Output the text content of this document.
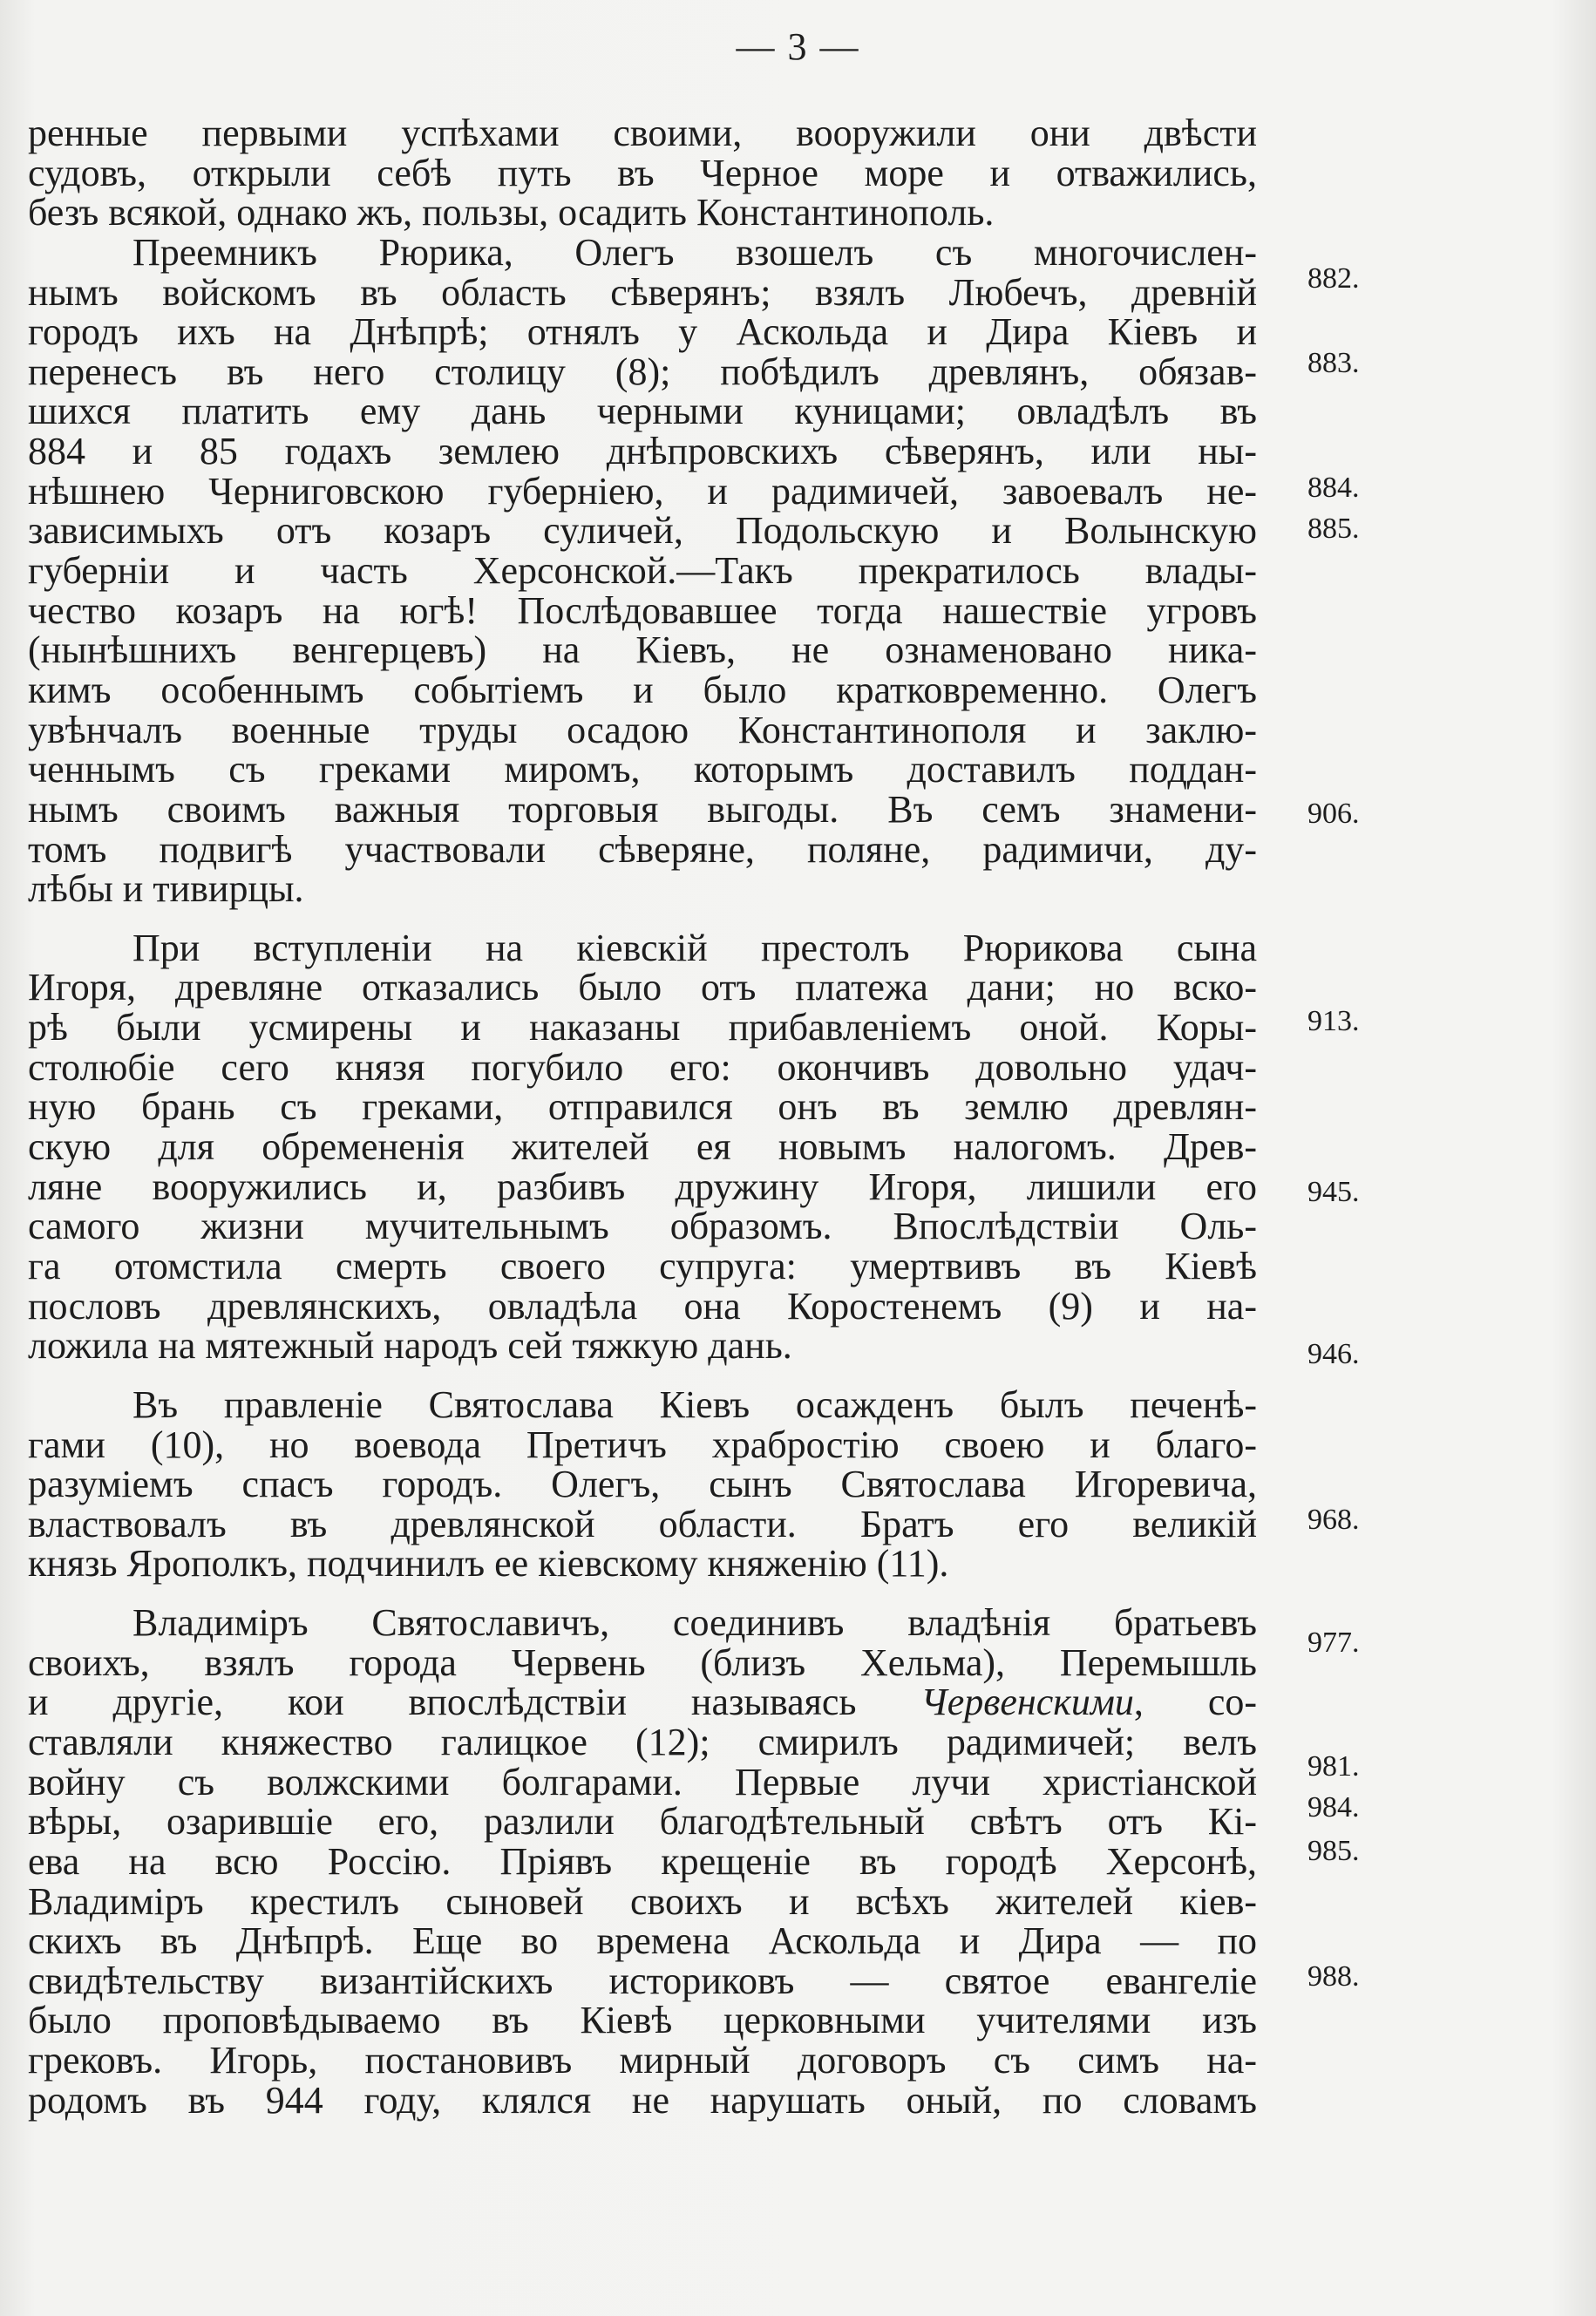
— 3 —
ренные первыми успѣхами своими, вооружили они двѣсти
судовъ, открыли себѣ путь въ Черное море и отважились,
безъ всякой, однако жъ, пользы, осадить Константинополь.
Преемникъ Рюрика, Олегъ взошелъ съ многочислен-
нымъ войскомъ въ область сѣверянъ; взялъ Любечъ, древній
городъ ихъ на Днѣпрѣ; отнялъ у Аскольда и Дира Кіевъ и
перенесъ въ него столицу (8); побѣдилъ древлянъ, обязав-
шихся платить ему дань черными куницами; овладѣлъ въ
884 и 85 годахъ землею днѣпровскихъ сѣверянъ, или ны-
нѣшнею Черниговскою губерніею, и радимичей, завоевалъ не-
зависимыхъ отъ козаръ суличей, Подольскую и Волынскую
губерніи и часть Херсонской.—Такъ прекратилось влады-
чество козаръ на югѣ! Послѣдовавшее тогда нашествіе угровъ
(нынѣшнихъ венгерцевъ) на Кіевъ, не ознаменовано ника-
кимъ особеннымъ событіемъ и было кратковременно. Олегъ
увѣнчалъ военные труды осадою Константинополя и заклю-
ченнымъ съ греками миромъ, которымъ доставилъ поддан-
нымъ своимъ важныя торговыя выгоды. Въ семъ знамени-
томъ подвигѣ участвовали сѣверяне, поляне, радимичи, ду-
лѣбы и тивирцы.
При вступленіи на кіевскій престолъ Рюрикова сына
Игоря, древляне отказались было отъ платежа дани; но вско-
рѣ были усмирены и наказаны прибавленіемъ оной. Коры-
столюбіе сего князя погубило его: окончивъ довольно удач-
ную брань съ греками, отправился онъ въ землю древлян-
скую для обремененія жителей ея новымъ налогомъ. Древ-
ляне вооружились и, разбивъ дружину Игоря, лишили его
самого жизни мучительнымъ образомъ. Впослѣдствіи Оль-
га отомстила смерть своего супруга: умертвивъ въ Кіевѣ
пословъ древлянскихъ, овладѣла она Коростенемъ (9) и на-
ложила на мятежный народъ сей тяжкую дань.
Въ правленіе Святослава Кіевъ осажденъ былъ печенѣ-
гами (10), но воевода Претичъ храбростію своею и благо-
разуміемъ спасъ городъ. Олегъ, сынъ Святослава Игоревича,
властвовалъ въ древлянской области. Братъ его великій
князь Ярополкъ, подчинилъ ее кіевскому княженію (11).
Владиміръ Святославичъ, соединивъ владѣнія братьевъ
своихъ, взялъ города Червень (близъ Хельма), Перемышль
и другіе, кои впослѣдствіи называясь Червенскими, со-
ставляли княжество галицкое (12); смирилъ радимичей; велъ
войну съ волжскими болгарами. Первые лучи христіанской
вѣры, озарившіе его, разлили благодѣтельный свѣтъ отъ Кі-
ева на всю Россію. Пріявъ крещеніе въ городѣ Херсонѣ,
Владиміръ крестилъ сыновей своихъ и всѣхъ жителей кіев-
скихъ въ Днѣпрѣ. Еще во времена Аскольда и Дира — по
свидѣтельству византійскихъ историковъ — святое евангеліе
было проповѣдываемо въ Кіевѣ церковными учителями изъ
грековъ. Игорь, постановивъ мирный договоръ съ симъ на-
родомъ въ 944 году, клялся не нарушать оный, по словамъ
882.
883.
884.
885.
906.
913.
945.
946.
968.
977.
981.
984.
985.
988.
